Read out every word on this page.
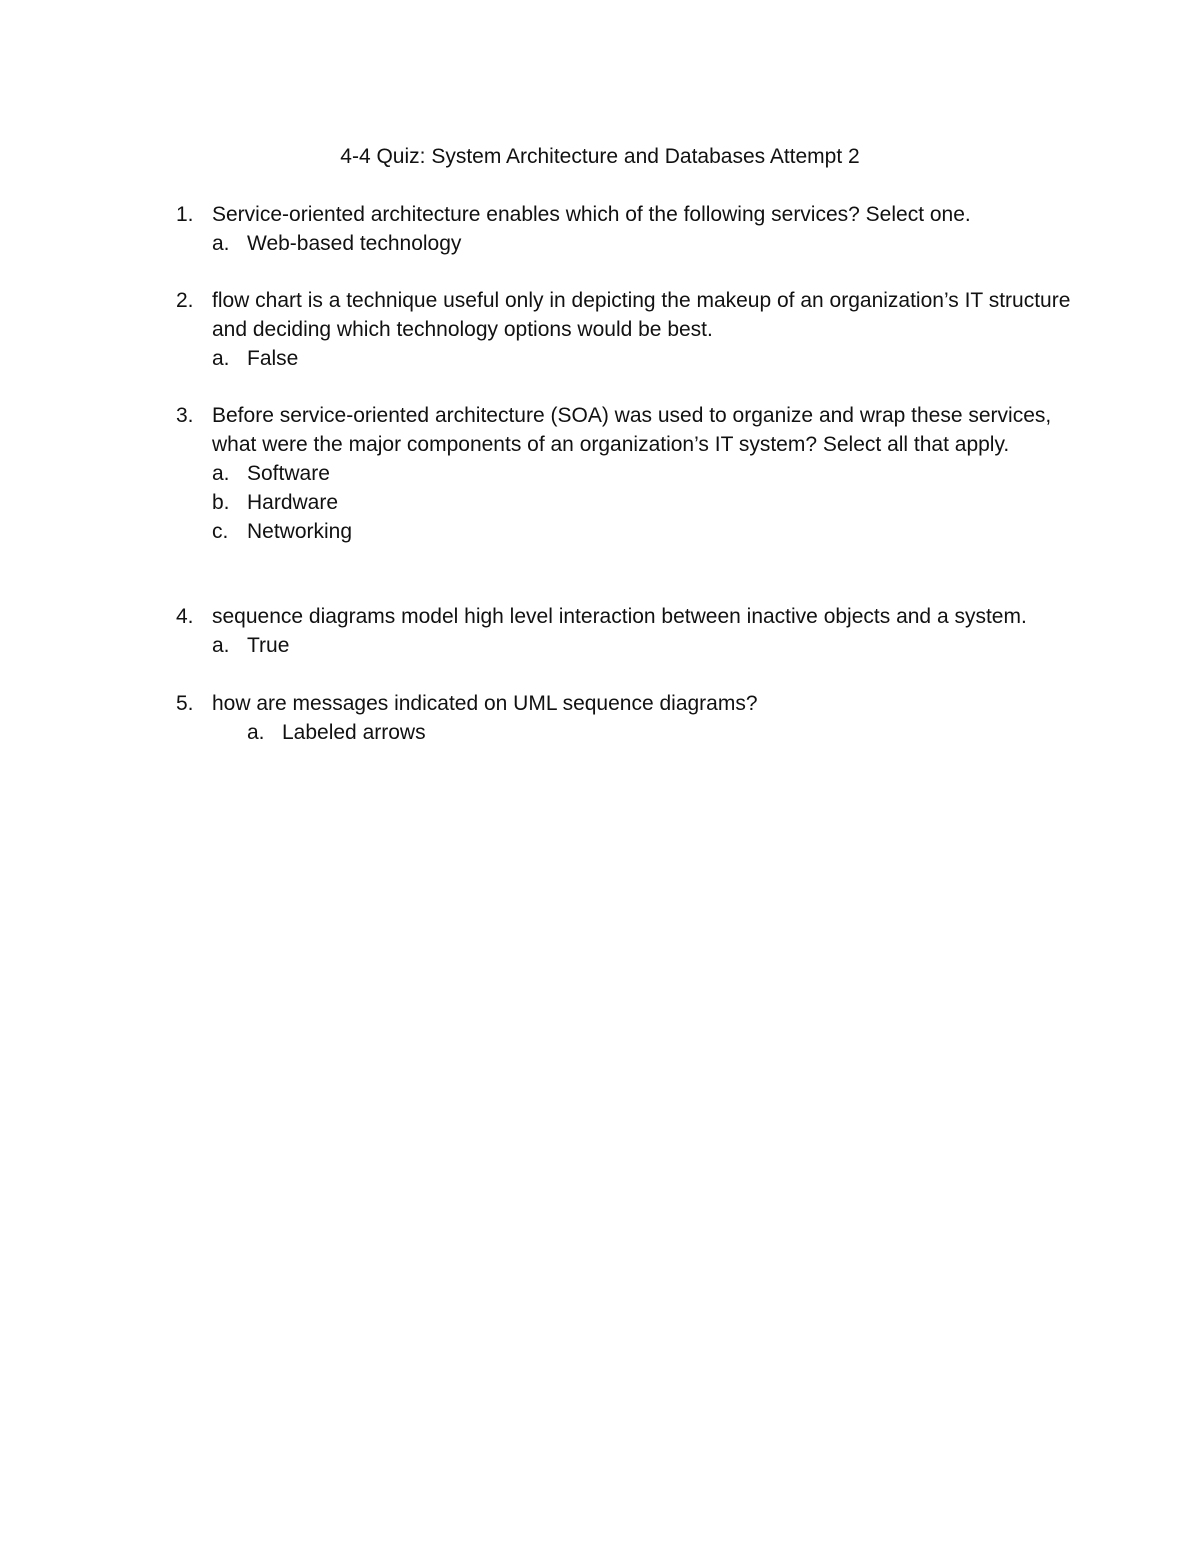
4-4 Quiz: System Architecture and Databases Attempt 2
1. Service-oriented architecture enables which of the following services? Select one.
a. Web-based technology
2. flow chart is a technique useful only in depicting the makeup of an organization’s IT structure and deciding which technology options would be best.
a. False
3. Before service-oriented architecture (SOA) was used to organize and wrap these services, what were the major components of an organization’s IT system? Select all that apply.
a. Software
b. Hardware
c. Networking
4. sequence diagrams model high level interaction between inactive objects and a system.
a. True
5. how are messages indicated on UML sequence diagrams?
a. Labeled arrows
